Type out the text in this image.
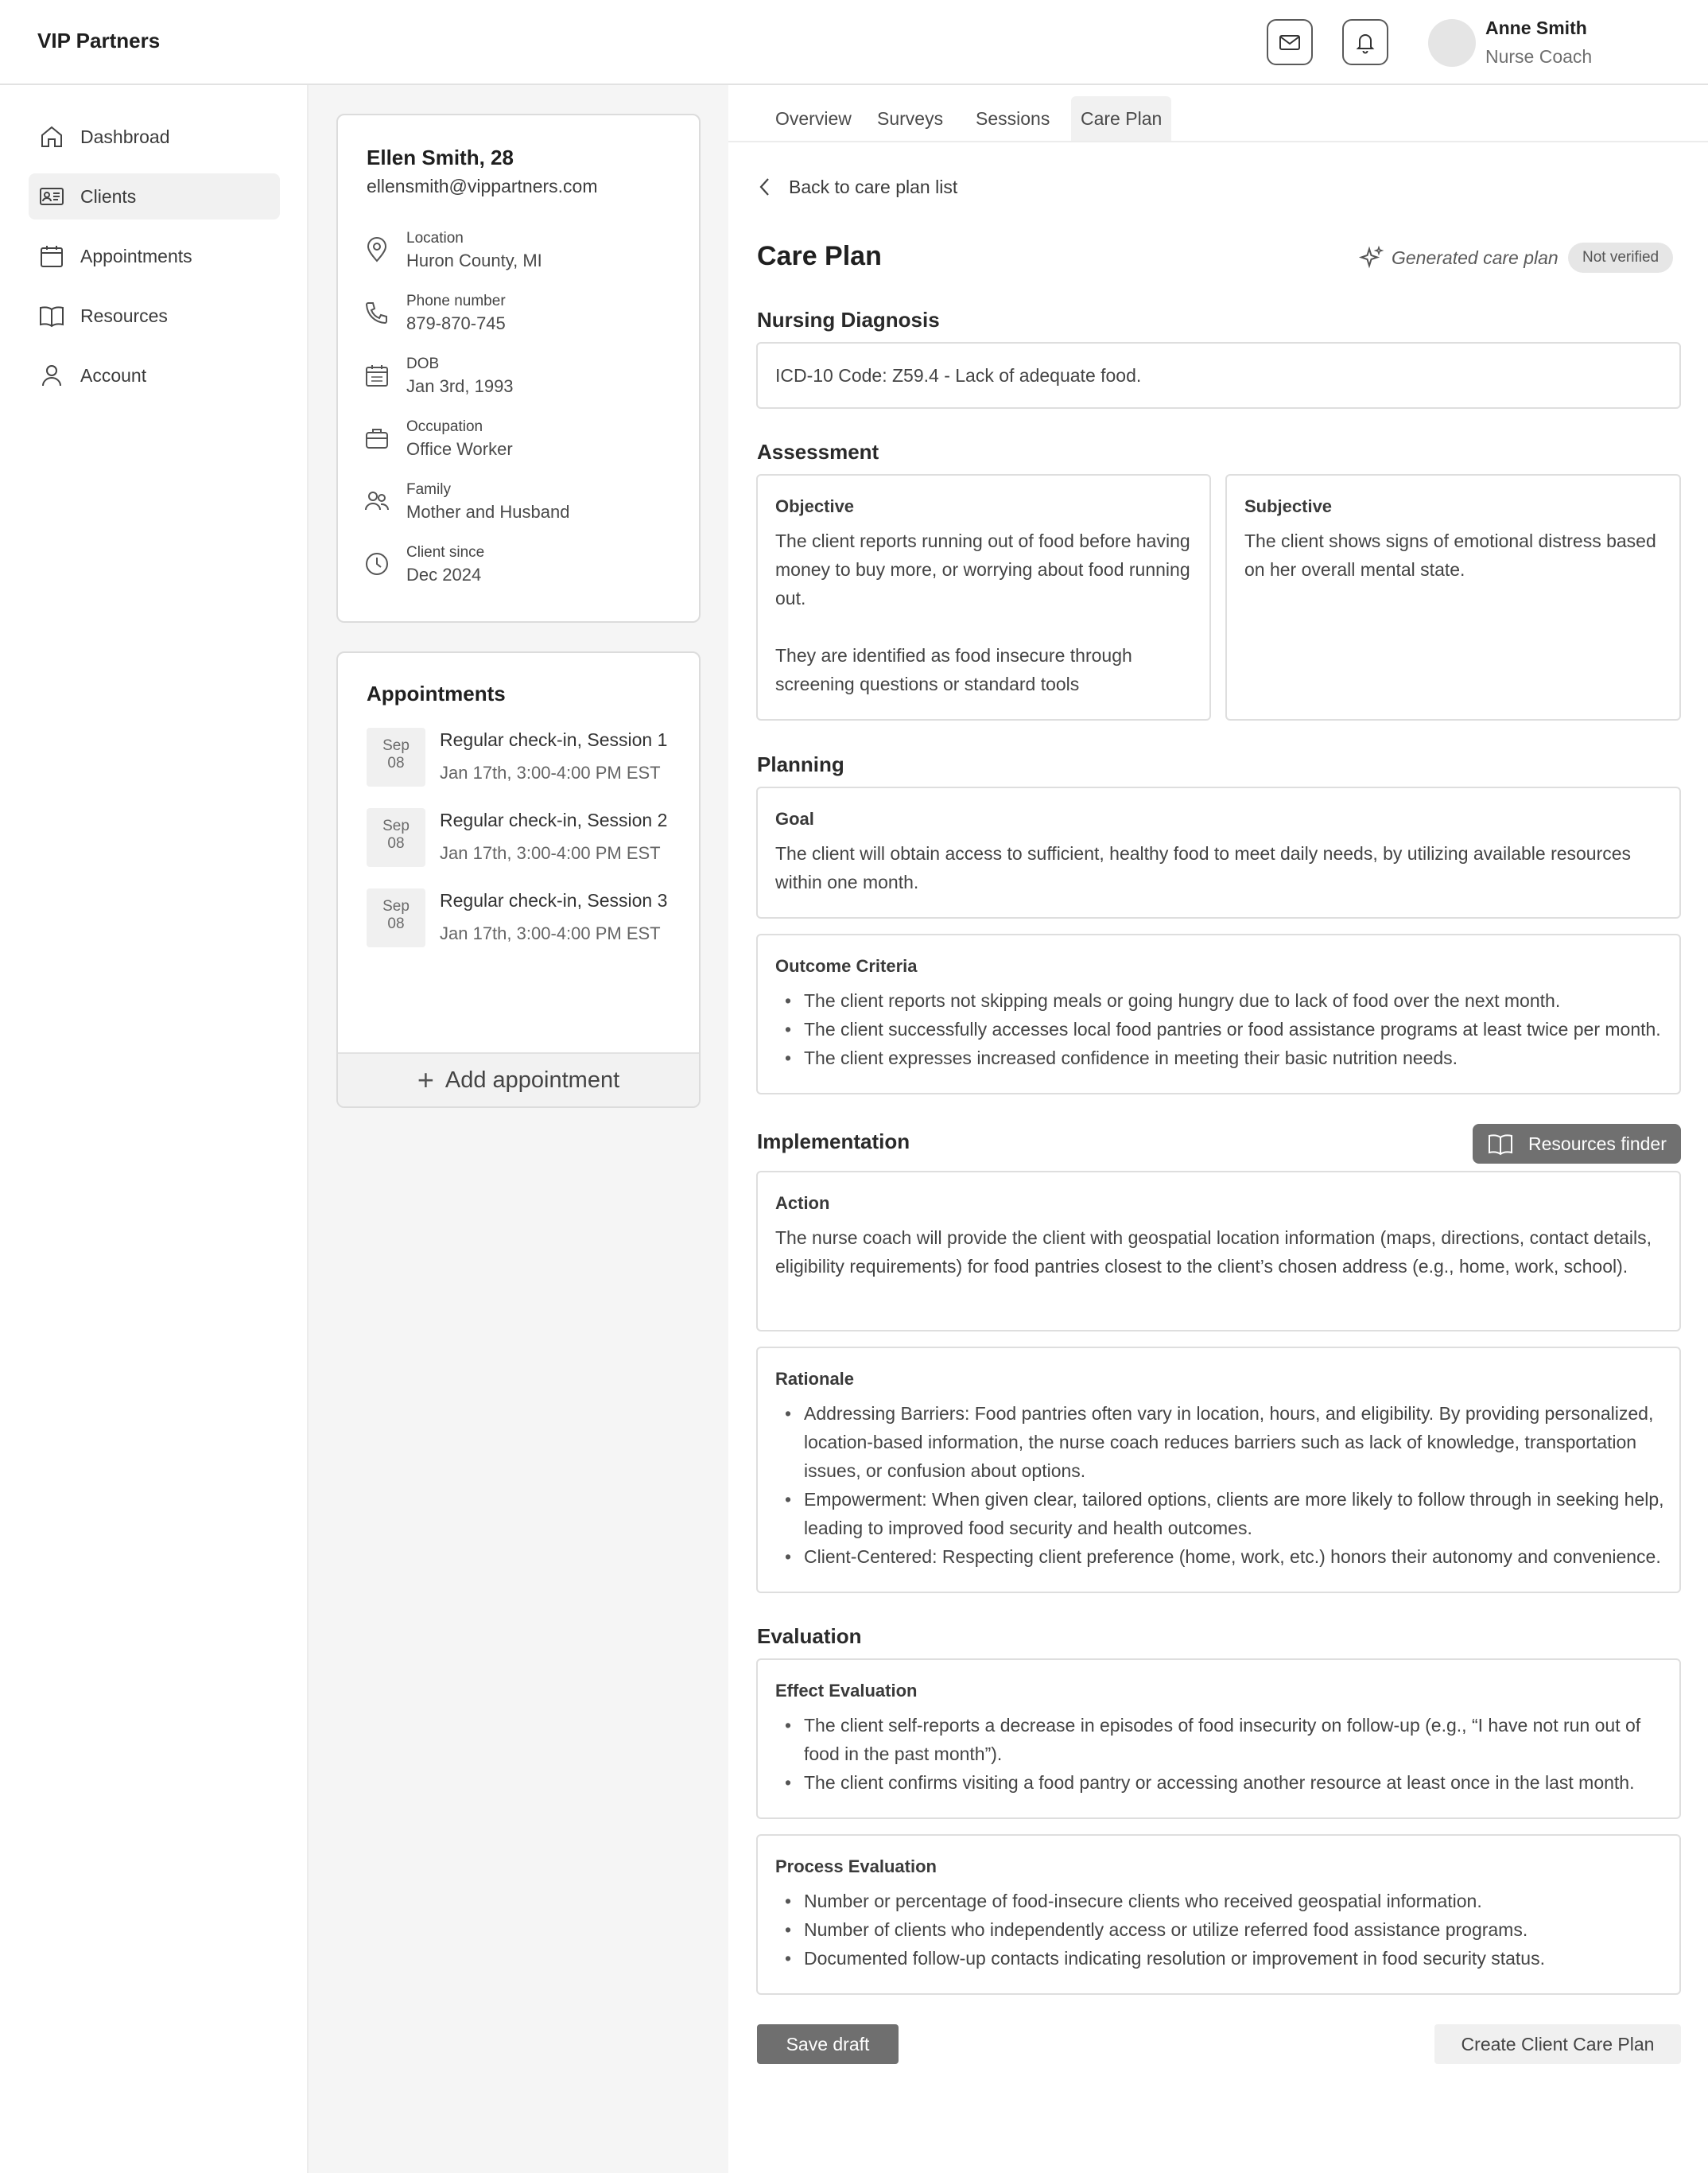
VIP Partners
Anne Smith
Nurse Coach
Dashbroad
Clients
Appointments
Resources
Account
Ellen Smith, 28
ellensmith@vippartners.com
Location
Huron County, MI
Phone number
879-870-745
DOB
Jan 3rd, 1993
Occupation
Office Worker
Family
Mother and Husband
Client since
Dec 2024
Appointments
Sep
08
Regular check-in, Session 1
Jan 17th, 3:00-4:00 PM EST
Sep
08
Regular check-in, Session 2
Jan 17th, 3:00-4:00 PM EST
Sep
08
Regular check-in, Session 3
Jan 17th, 3:00-4:00 PM EST
+ Add appointment
Overview	Surveys	Sessions	Care Plan
Back to care plan list
Care Plan	Generated care plan	Not verified
Nursing Diagnosis
ICD-10 Code: Z59.4 - Lack of adequate food.
Assessment
Objective

The client reports running out of food before having money to buy more, or worrying about food running out.

They are identified as food insecure through screening questions or standard tools

Subjective
The client shows signs of emotional distress based on her overall mental state.
Planning
Goal
The client will obtain access to sufficient, healthy food to meet daily needs, by utilizing available resources within one month.
Outcome Criteria
• The client reports not skipping meals or going hungry due to lack of food over the next month.
• The client successfully accesses local food pantries or food assistance programs at least twice per month.
• The client expresses increased confidence in meeting their basic nutrition needs.
Implementation	Resources finder
Action
The nurse coach will provide the client with geospatial location information (maps, directions, contact details, eligibility requirements) for food pantries closest to the client’s chosen address (e.g., home, work, school).
Rationale
• Addressing Barriers: Food pantries often vary in location, hours, and eligibility. By providing personalized, location-based information, the nurse coach reduces barriers such as lack of knowledge, transportation issues, or confusion about options.
• Empowerment: When given clear, tailored options, clients are more likely to follow through in seeking help, leading to improved food security and health outcomes.
• Client-Centered: Respecting client preference (home, work, etc.) honors their autonomy and convenience.
Evaluation
Effect Evaluation
• The client self-reports a decrease in episodes of food insecurity on follow-up (e.g., “I have not run out of food in the past month”).
• The client confirms visiting a food pantry or accessing another resource at least once in the last month.
Process Evaluation
• Number or percentage of food-insecure clients who received geospatial information.
• Number of clients who independently access or utilize referred food assistance programs.
• Documented follow-up contacts indicating resolution or improvement in food security status.
Save draft	Create Client Care Plan
